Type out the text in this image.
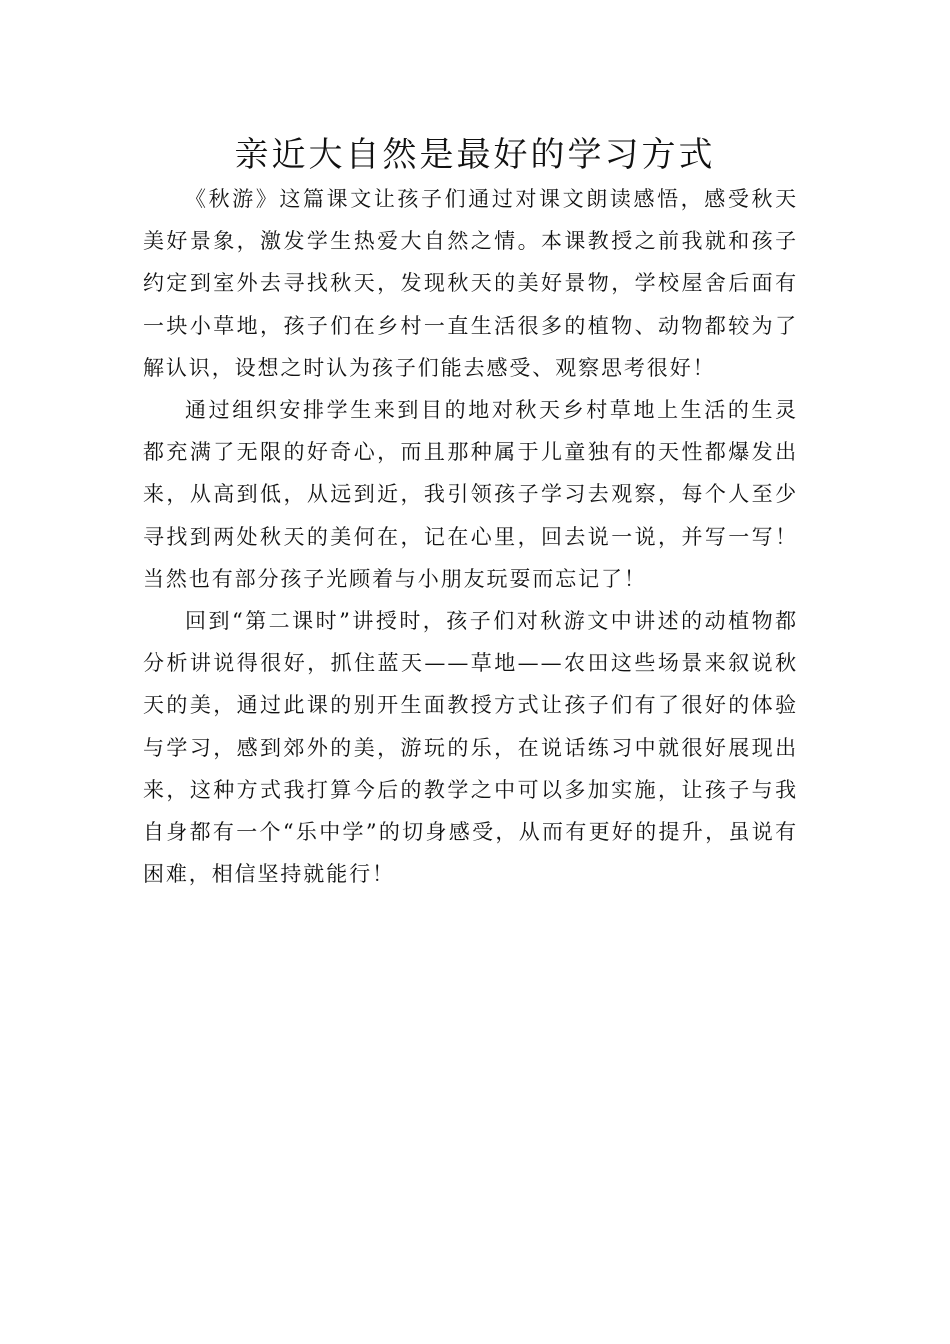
亲近大自然是最好的学习方式

《秋游》这篇课文让孩子们通过对课文朗读感悟，感受秋天美好景象，激发学生热爱大自然之情。本课教授之前我就和孩子约定到室外去寻找秋天，发现秋天的美好景物，学校屋舍后面有一块小草地，孩子们在乡村一直生活很多的植物、动物都较为了解认识，设想之时认为孩子们能去感受、观察思考很好！

通过组织安排学生来到目的地对秋天乡村草地上生活的生灵都充满了无限的好奇心，而且那种属于儿童独有的天性都爆发出来，从高到低，从远到近，我引领孩子学习去观察，每个人至少寻找到两处秋天的美何在，记在心里，回去说一说，并写一写！当然也有部分孩子光顾着与小朋友玩耍而忘记了！

回到“第二课时”讲授时，孩子们对秋游文中讲述的动植物都分析讲说得很好，抓住蓝天——草地——农田这些场景来叙说秋天的美，通过此课的别开生面教授方式让孩子们有了很好的体验与学习，感到郊外的美，游玩的乐，在说话练习中就很好展现出来，这种方式我打算今后的教学之中可以多加实施，让孩子与我自身都有一个“乐中学”的切身感受，从而有更好的提升，虽说有困难，相信坚持就能行！
